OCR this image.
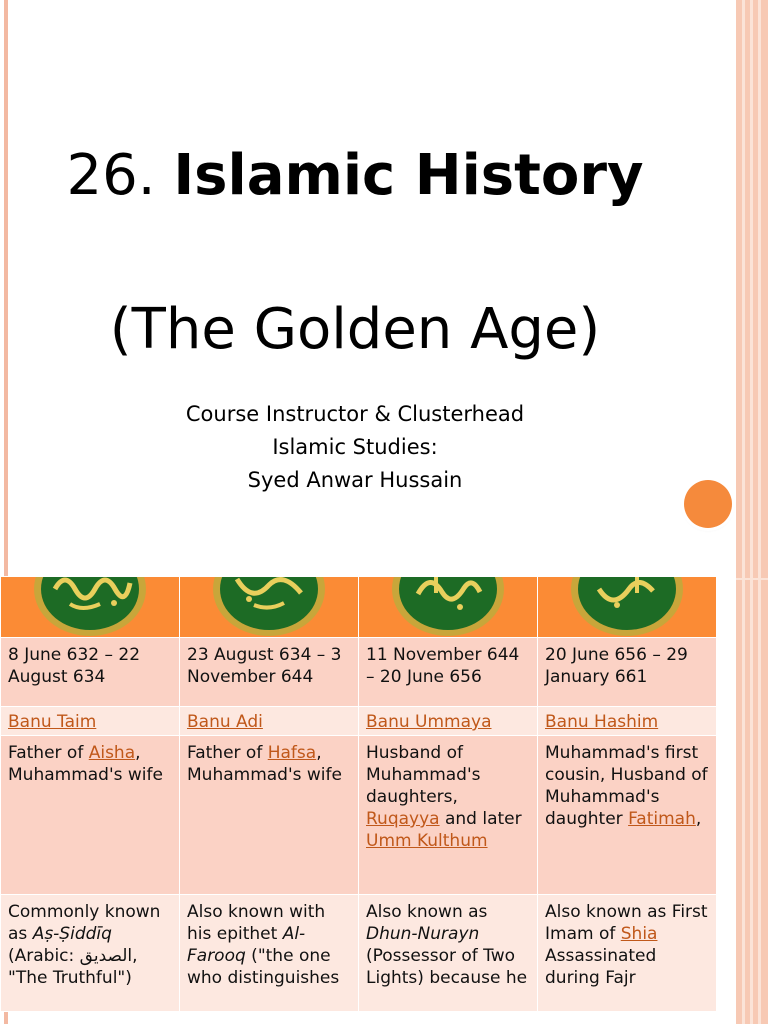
26. Islamic History
(The Golden Age)
Course Instructor & Clusterhead
Islamic Studies:
Syed Anwar Hussain

8 June 632 – 22 August 634	23 August 634 – 3 November 644	11 November 644 – 20 June 656	20 June 656 – 29 January 661
Banu Taim	Banu Adi	Banu Ummaya	Banu Hashim
Father of Aisha, Muhammad's wife	Father of Hafsa, Muhammad's wife	Husband of Muhammad's daughters, Ruqayya and later Umm Kulthum	Muhammad's first cousin, Husband of Muhammad's daughter Fatimah,
Commonly known as Aṣ-Ṣiddīq (Arabic: الصديق, "The Truthful")	Also known with his epithet Al-Farooq ("the one who distinguishes	Also known as Dhun-Nurayn (Possessor of Two Lights) because he	Also known as First Imam of Shia Assassinated during Fajr
